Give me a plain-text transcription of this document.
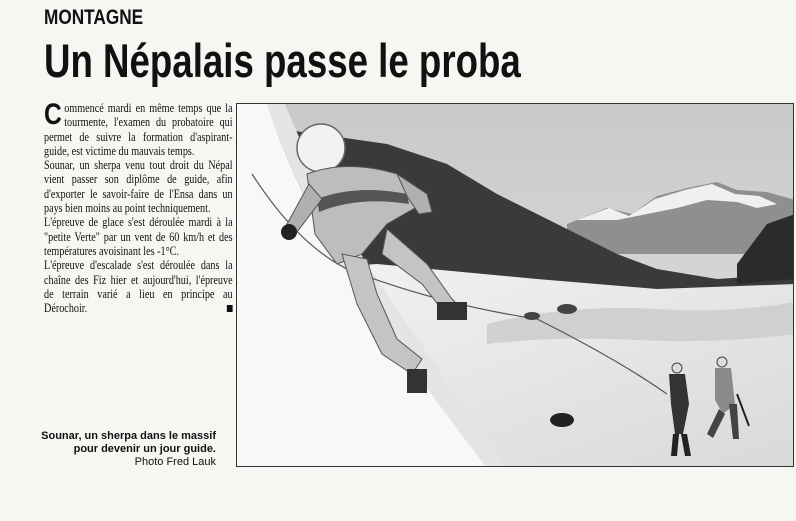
MONTAGNE
Un Népalais passe le proba

Commencé mardi en même temps que la tourmente, l'examen du probatoire qui permet de suivre la formation d'aspirant-guide, est victime du mauvais temps.

Sounar, un sherpa venu tout droit du Népal vient passer son diplôme de guide, afin d'exporter le savoir-faire de l'Ensa dans un pays bien moins au point techniquement.

L'épreuve de glace s'est déroulée mardi à la "petite Verte" par un vent de 60 km/h et des températures avoisinant les -1°C.

L'épreuve d'escalade s'est déroulée dans la chaîne des Fiz hier et aujourd'hui, l'épreuve de terrain varié a lieu en principe au Dérochoir.

Sounar, un sherpa dans le massif
pour devenir un jour guide.
Photo Fred Lauk
